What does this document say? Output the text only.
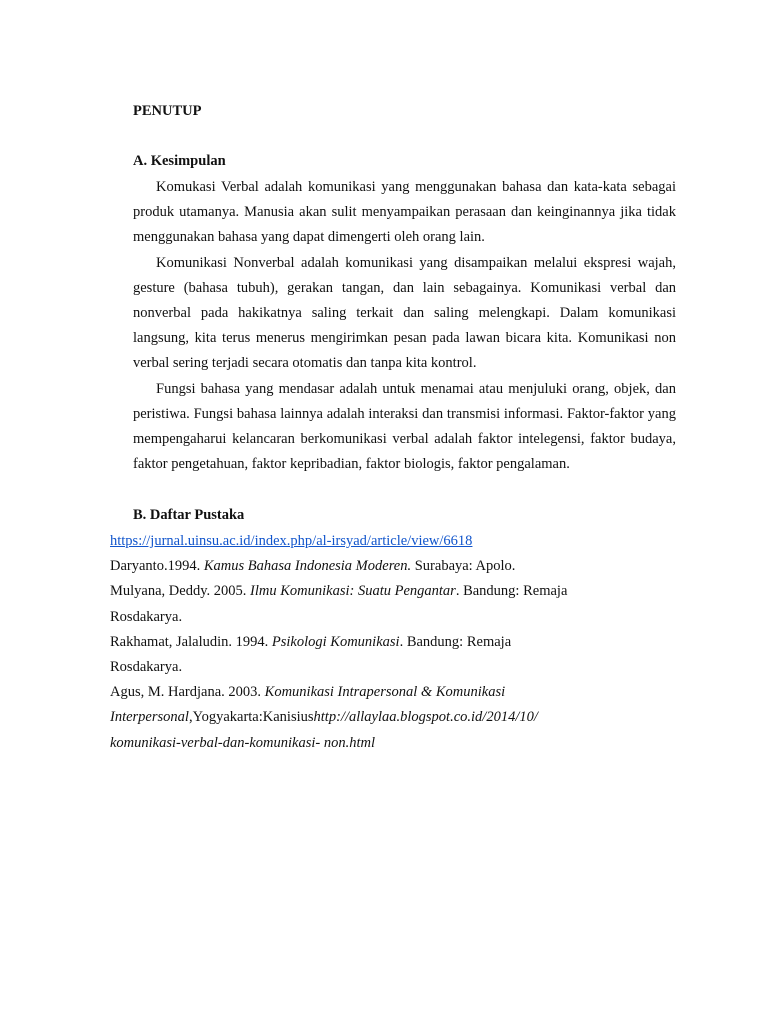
PENUTUP
A. Kesimpulan

Komukasi Verbal adalah komunikasi yang menggunakan bahasa dan kata-kata sebagai produk utamanya. Manusia akan sulit menyampaikan perasaan dan keinginannya jika tidak menggunakan bahasa yang dapat dimengerti oleh orang lain.

Komunikasi Nonverbal adalah komunikasi yang disampaikan melalui ekspresi wajah, gesture (bahasa tubuh), gerakan tangan, dan lain sebagainya. Komunikasi verbal dan nonverbal pada hakikatnya saling terkait dan saling melengkapi. Dalam komunikasi langsung, kita terus menerus mengirimkan pesan pada lawan bicara kita. Komunikasi non verbal sering terjadi secara otomatis dan tanpa kita kontrol.

Fungsi bahasa yang mendasar adalah untuk menamai atau menjuluki orang, objek, dan peristiwa. Fungsi bahasa lainnya adalah interaksi dan transmisi informasi. Faktor-faktor yang mempengaharui kelancaran berkomunikasi verbal adalah faktor intelegensi, faktor budaya, faktor pengetahuan, faktor kepribadian, faktor biologis, faktor pengalaman.

B. Daftar Pustaka
https://jurnal.uinsu.ac.id/index.php/al-irsyad/article/view/6618
Daryanto.1994. Kamus Bahasa Indonesia Moderen. Surabaya: Apolo.
Mulyana, Deddy. 2005. Ilmu Komunikasi: Suatu Pengantar. Bandung: Remaja
Rosdakarya.
Rakhamat, Jalaludin. 1994. Psikologi Komunikasi. Bandung: Remaja
Rosdakarya.
Agus, M. Hardjana. 2003. Komunikasi Intrapersonal & Komunikasi
Interpersonal,Yogyakarta:Kanisiushttp://allaylaa.blogspot.co.id/2014/10/
komunikasi-verbal-dan-komunikasi- non.html
